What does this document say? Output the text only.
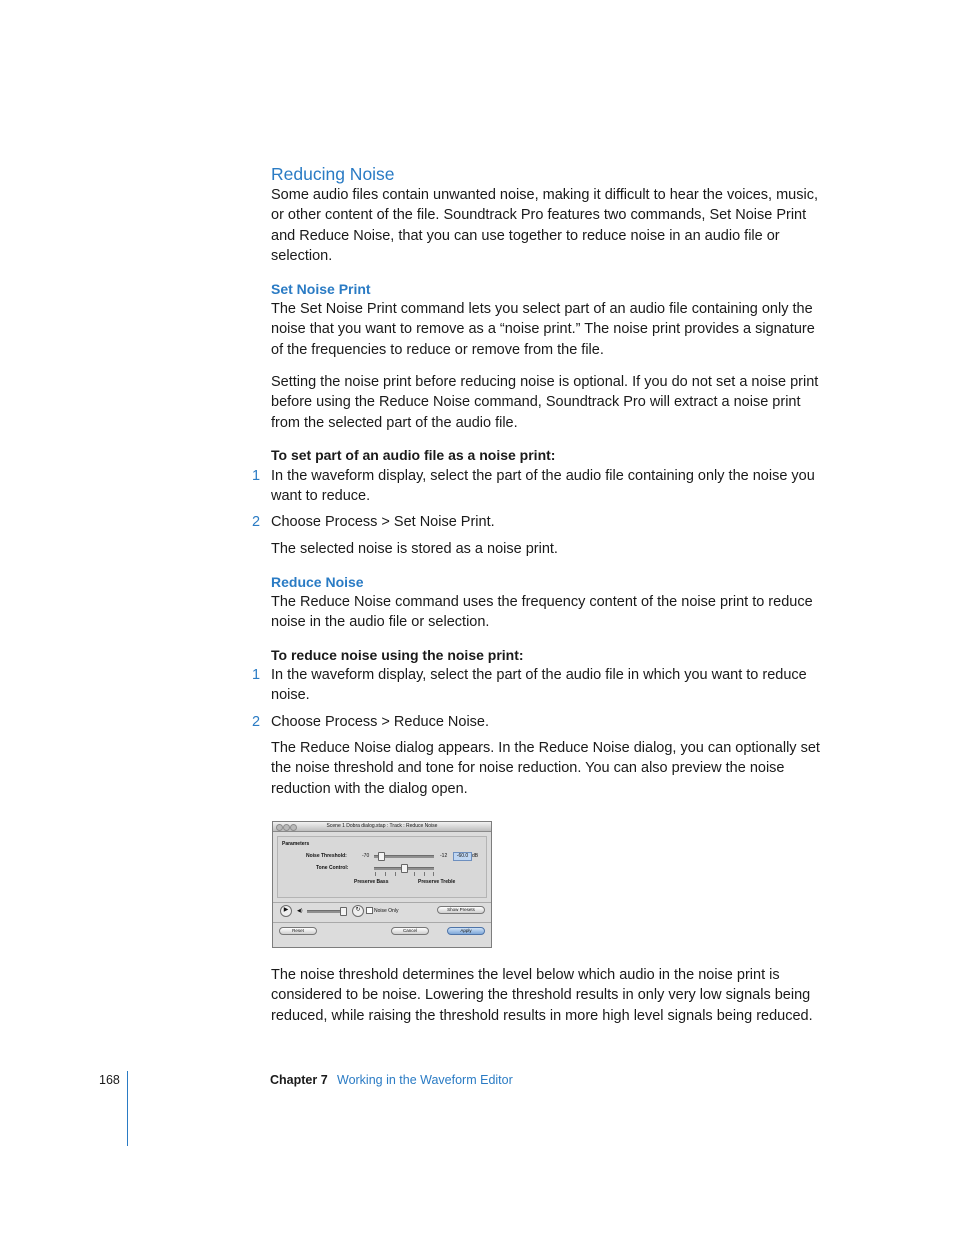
Reducing Noise
Some audio files contain unwanted noise, making it difficult to hear the voices, music, or other content of the file. Soundtrack Pro features two commands, Set Noise Print and Reduce Noise, that you can use together to reduce noise in an audio file or selection.
Set Noise Print
The Set Noise Print command lets you select part of an audio file containing only the noise that you want to remove as a “noise print.” The noise print provides a signature of the frequencies to reduce or remove from the file.
Setting the noise print before reducing noise is optional. If you do not set a noise print before using the Reduce Noise command, Soundtrack Pro will extract a noise print from the selected part of the audio file.
To set part of an audio file as a noise print:
1 In the waveform display, select the part of the audio file containing only the noise you want to reduce.
2 Choose Process > Set Noise Print.
The selected noise is stored as a noise print.
Reduce Noise
The Reduce Noise command uses the frequency content of the noise print to reduce noise in the audio file or selection.
To reduce noise using the noise print:
1 In the waveform display, select the part of the audio file in which you want to reduce noise.
2 Choose Process > Reduce Noise.
The Reduce Noise dialog appears. In the Reduce Noise dialog, you can optionally set the noise threshold and tone for noise reduction. You can also preview the noise reduction with the dialog open.
Scene 1 Dobra dialog.stap : Track : Reduce Noise
Parameters
Noise Threshold:	-70	-12
Tone Control:
Preserve Bass	Preserve Treble
-60.0 dB
▶	◀)	↻	Noise Only	Show Presets
Reset	Cancel	Apply
The noise threshold determines the level below which audio in the noise print is considered to be noise. Lowering the threshold results in only very low signals being reduced, while raising the threshold results in more high level signals being reduced.
168	Chapter 7 Working in the Waveform Editor
